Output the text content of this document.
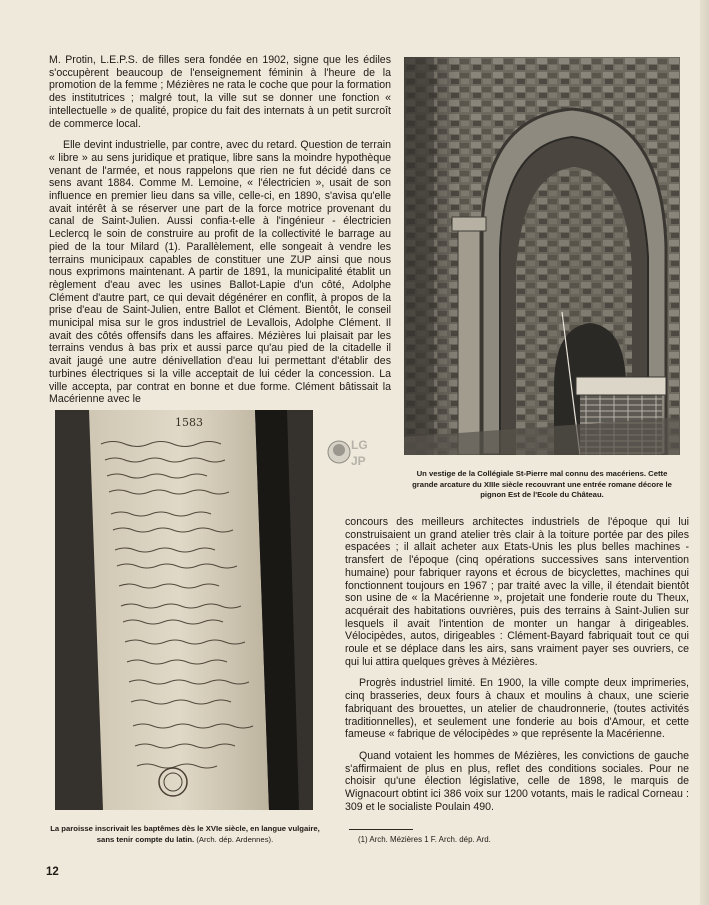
M. Protin, L.E.P.S. de filles sera fondée en 1902, signe que les édiles s'occupèrent beaucoup de l'enseignement féminin à l'heure de la promotion de la femme ; Mézières ne rata le coche que pour la formation des institutrices ; malgré tout, la ville sut se donner une fonction « intellectuelle » de qualité, propice du fait des internats à un petit surcroît de commerce local.

Elle devint industrielle, par contre, avec du retard. Question de terrain « libre » au sens juridique et pratique, libre sans la moindre hypothèque venant de l'armée, et nous rappelons que rien ne fut décidé dans ce sens avant 1884. Comme M. Lemoine, « l'électricien », usait de son influence en premier lieu dans sa ville, celle-ci, en 1890, s'avisa qu'elle avait intérêt à se réserver une part de la force motrice provenant du canal de Saint-Julien. Aussi confia-t-elle à l'ingénieur - électricien Leclercq le soin de construire au profit de la collectivité le barrage au pied de la tour Milard (1). Parallèlement, elle songeait à vendre les terrains municipaux capables de constituer une ZUP ainsi que nous nous exprimons maintenant. A partir de 1891, la municipalité établit un règlement d'eau avec les usines Ballot-Lapie d'un côté, Adolphe Clément d'autre part, ce qui devait dégénérer en conflit, à propos de la prise d'eau de Saint-Julien, entre Ballot et Clément. Bientôt, le conseil municipal misa sur le gros industriel de Levallois, Adolphe Clément. Il avait des côtés offensifs dans les affaires. Mézières lui plaisait par les terrains vendus à bas prix et aussi parce qu'au pied de la citadelle il avait jaugé une autre dénivellation d'eau lui permettant d'établir des turbines électriques si la ville acceptait de lui céder la concession. La ville accepta, par contrat en bonne et due forme. Clément bâtissait la Macérienne avec le

Un vestige de la Collégiale St-Pierre mal connu des macériens. Cette grande arcature du XIIIe siècle recouvrant une entrée romane décore le pignon Est de l'Ecole du Château.

1583
LG
JP

La paroisse inscrivait les baptêmes dès le XVIe siècle, en langue vulgaire, sans tenir compte du latin. (Arch. dép. Ardennes).

concours des meilleurs architectes industriels de l'époque qui lui construisaient un grand atelier très clair à la toiture portée par des piles espacées ; il allait acheter aux Etats-Unis les plus belles machines - transfert de l'époque (cinq opérations successives sans intervention humaine) pour fabriquer rayons et écrous de bicyclettes, machines qui fonctionnent toujours en 1967 ; par traité avec la ville, il étendait bientôt son usine de « la Macérienne », projetait une fonderie route du Theux, acquérait des habitations ouvrières, puis des terrains à Saint-Julien sur lesquels il avait l'intention de monter un hangar à dirigeables. Vélocipèdes, autos, dirigeables : Clément-Bayard fabriquait tout ce qui roule et se déplace dans les airs, sans vraiment payer ses ouvriers, ce qui lui attira quelques grèves à Mézières.

Progrès industriel limité. En 1900, la ville compte deux imprimeries, cinq brasseries, deux fours à chaux et moulins à chaux, une scierie fabriquant des brouettes, un atelier de chaudronnerie, (toutes activités traditionnelles), et seulement une fonderie au bois d'Amour, et cette fameuse « fabrique de vélocipèdes » que représente la Macérienne.

Quand votaient les hommes de Mézières, les convictions de gauche s'affirmaient de plus en plus, reflet des conditions sociales. Pour ne choisir qu'une élection législative, celle de 1898, le marquis de Wignacourt obtint ici 386 voix sur 1200 votants, mais le radical Corneau : 309 et le socialiste Poulain 490.

(1) Arch. Mézières 1 F. Arch. dép. Ard.

12
